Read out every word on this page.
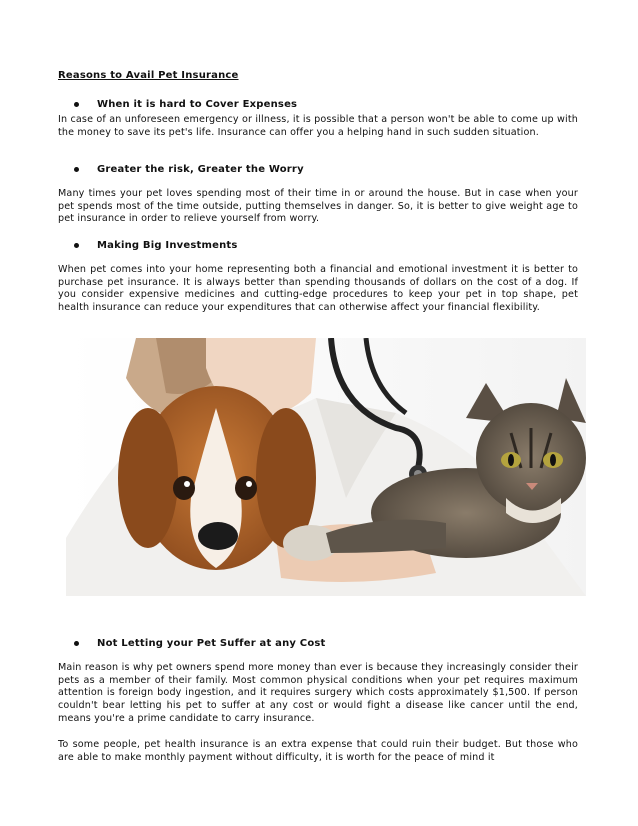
Reasons to Avail Pet Insurance
When it is hard to Cover Expenses
In case of an unforeseen emergency or illness, it is possible that a person won't be able to come up with the money to save its pet's life. Insurance can offer you a helping hand in such sudden situation.
Greater the risk, Greater the Worry
Many times your pet loves spending most of their time in or around the house. But in case when your pet spends most of the time outside, putting themselves in danger. So, it is better to give weight age to pet insurance in order to relieve yourself from worry.
Making Big Investments
When pet comes into your home representing both a financial and emotional investment it is better to purchase pet insurance. It is always better than spending thousands of dollars on the cost of a dog. If you consider expensive medicines and cutting-edge procedures to keep your pet in top shape, pet health insurance can reduce your expenditures that can otherwise affect your financial flexibility.
Not Letting your Pet Suffer at any Cost
Main reason is why pet owners spend more money than ever is because they increasingly consider their pets as a member of their family. Most common physical conditions when your pet requires maximum attention is foreign body ingestion, and it requires surgery which costs approximately $1,500. If person couldn't bear letting his pet to suffer at any cost or would fight a disease like cancer until the end, means you're a prime candidate to carry insurance.
To some people, pet health insurance is an extra expense that could ruin their budget. But those who are able to make monthly payment without difficulty, it is worth for the peace of mind it
